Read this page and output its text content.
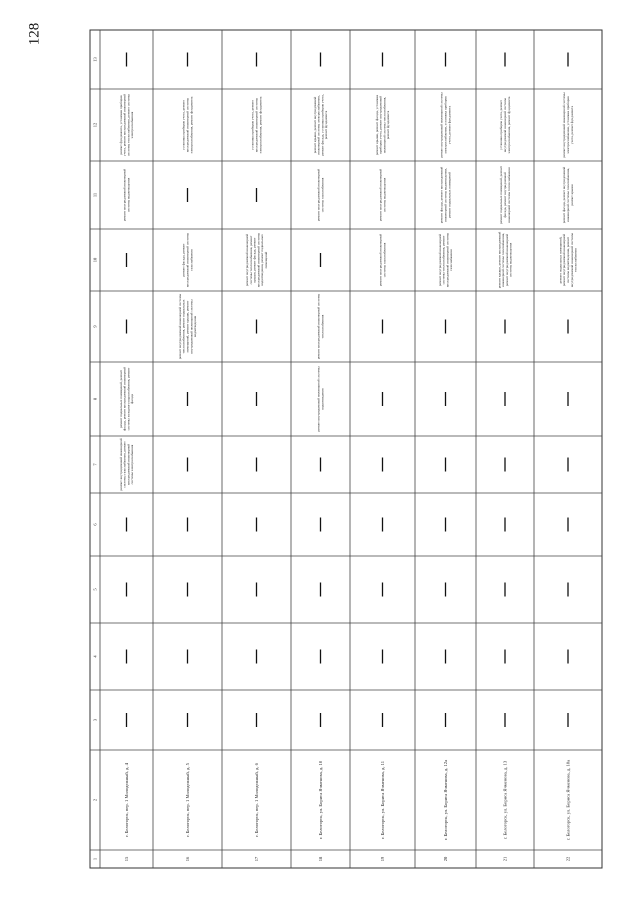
128
13
12
11
10
9
8
7
6
5
4
3
2
1
ремонт фундамента, установка приборов учета, ремонт внутридомовой инженерной системы теплоснабжения, ремонт системы электроснабжения
ремонт внутридомовой инженерной системы водоотведения
ремонт подвальных помещений, ремонт фасада, ремонт внутридомовой инженерной системы холодного водоснабжения, ремонт фасада
ремонт внутридомовой инженерной системы газоснабжения, ремонт внутридомовой инженерной системы электроснабжения
г. Белогорск, пер. 1 Молодежный, д. 4
15
установка приборов учета, ремонт внутридомовой инженерной системы электроснабжения, ремонт фундамента
ремонт фасада, ремонт внутридомовой инженерной системы газоснабжения
ремонт внутридомовой инженерной системы теплоснабжения, ремонт подвальных помещений, ремонт крыши, ремонт внутридомовой инженерной системы водоотведения
г. Белогорск, пер. 1 Молодежный, д. 5
16
установка приборов учета, ремонт внутридомовой инженерной системы электроснабжения, ремонт фундамента
ремонт внутридомовой инженерной системы теплоснабжения, ремонт крыши, ремонт фасада, ремонт внутридомовой инженерной системы водоотведения, ремонт подвальных помещений
г. Белогорск, пер. 1 Молодежный, д. 6
17
ремонт крыши, ремонт внутридомовой инженерной системы электроснабжения, ремонт фасада, установка приборов учета, ремонт фундамента
ремонт внутридомовой инженерной системы газоснабжения
ремонт внутридомовой инженерной системы теплоснабжения
ремонт внутридомовой инженерной системы водоотведения
г. Белогорск, ул. Бориса Ячменова, д. 10
18
ремонт крыши, ремонт фасада, установка приборов учета, ремонт внутридомовой инженерной системы теплоснабжения, ремонт фундамента
ремонт внутридомовой инженерной системы водоотведения
ремонт внутридомовой инженерной системы газоснабжения
г. Белогорск, ул. Бориса Ячменова, д. 11
19
ремонт внутридомовой инженерной системы электроснабжения, установка приборов учета, ремонт фундамента
ремонт фасада, ремонт внутридомовой инженерной системы водоотведения, ремонт подвальных помещений
ремонт внутридомовой инженерной системы теплоснабжения, ремонт внутридомовой инженерной системы газоснабжения
г. Белогорск, ул. Бориса Ячменова, д. 12а
20
установка приборов учета, ремонт внутридомовой инженерной системы электроснабжения, ремонт фундамента
ремонт подвальных помещений, ремонт фасада, ремонт внутридомовой инженерной системы теплоснабжения
ремонт крыши, ремонт внутридомовой инженерной системы газоснабжения, ремонт внутридомовой инженерной системы водоотведения
г. Белогорск, ул. Бориса Ячменова, д. 13
21
ремонт внутридомовой инженерной системы электроснабжения, установка приборов учета, ремонт фундамента
ремонт фасада, ремонт внутридомовой инженерной системы газоснабжения, ремонт крыши
ремонт подвальных помещений, ремонт внутридомовой инженерной системы водоотведения, ремонт внутридомовой инженерной системы теплоснабжения
г. Белогорск, ул. Бориса Ячменова, д. 18а
22
